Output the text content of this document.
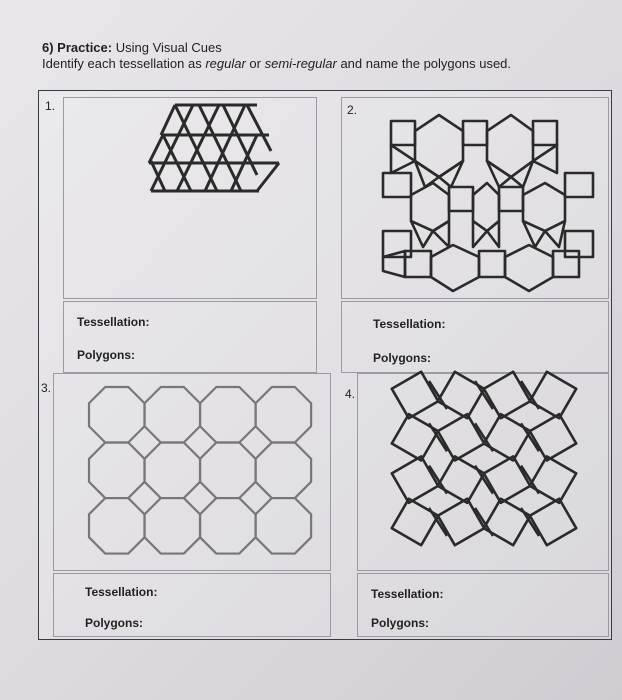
6) Practice: Using Visual Cues
Identify each tessellation as regular or semi-regular and name the polygons used.
1.	2.
3.	4.
Tessellation:
Polygons:
Tessellation:
Polygons:
Tessellation:
Polygons:
Tessellation:
Polygons:
